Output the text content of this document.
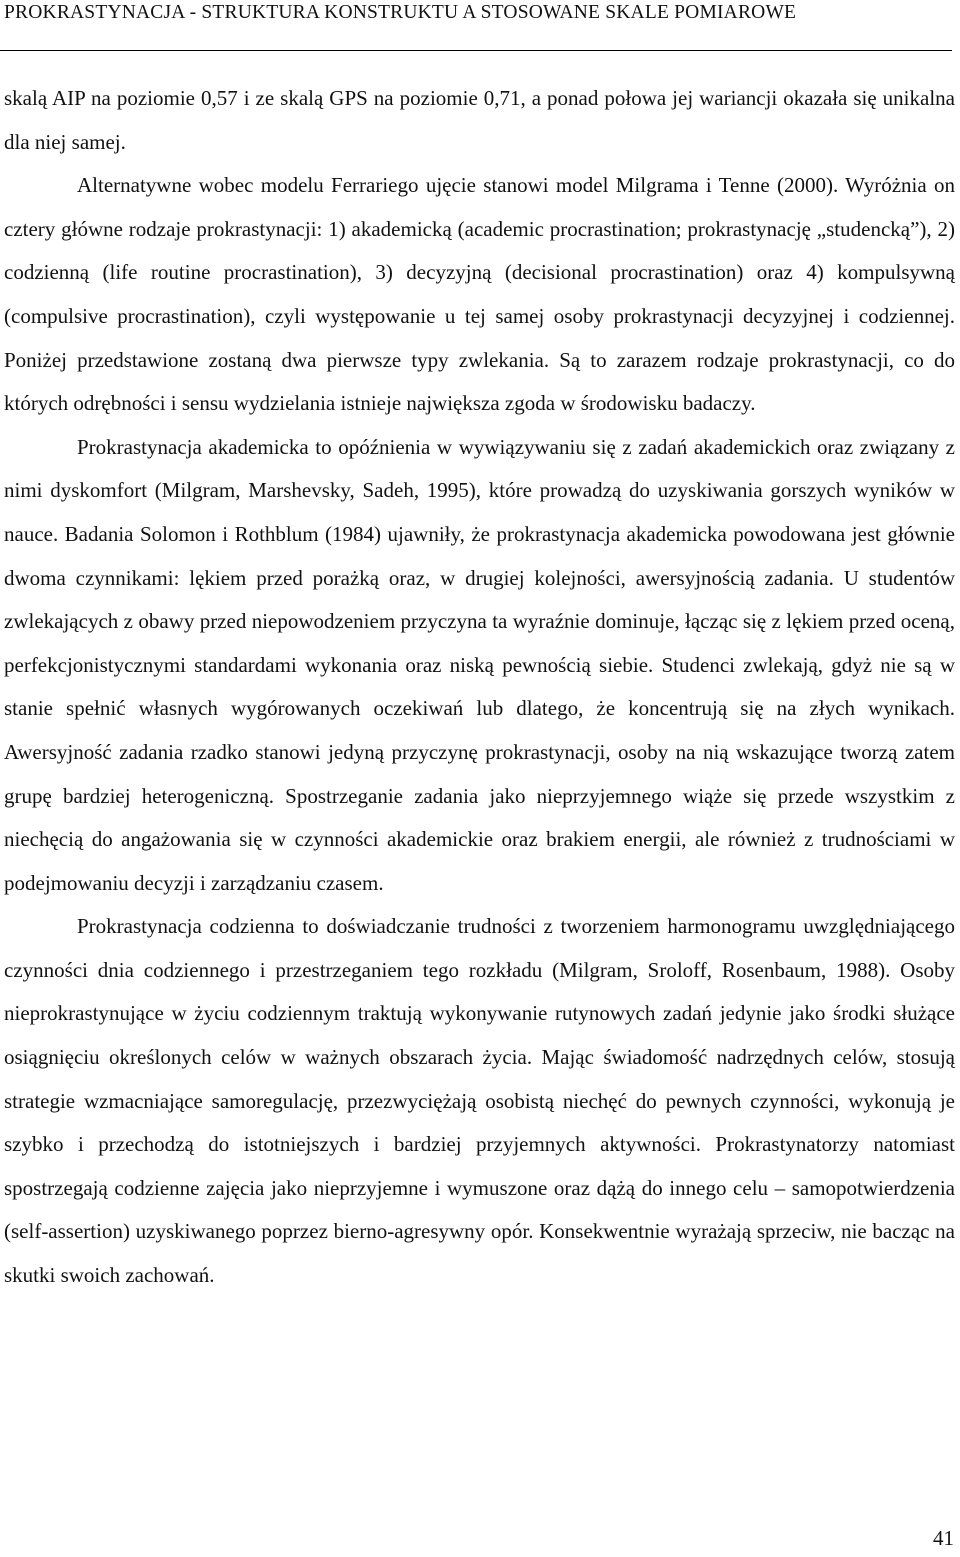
PROKRASTYNACJA - STRUKTURA KONSTRUKTU A STOSOWANE SKALE POMIAROWE

skalą AIP na poziomie 0,57 i ze skalą GPS na poziomie 0,71, a ponad połowa jej wariancji okazała się unikalna dla niej samej.

Alternatywne wobec modelu Ferrariego ujęcie stanowi model Milgrama i Tenne (2000). Wyróżnia on cztery główne rodzaje prokrastynacji: 1) akademicką (academic procrastination; prokrastynację „studencką”), 2) codzienną (life routine procrastination), 3) decyzyjną (decisional procrastination) oraz 4) kompulsywną (compulsive procrastination), czyli występowanie u tej samej osoby prokrastynacji decyzyjnej i codziennej. Poniżej przedstawione zostaną dwa pierwsze typy zwlekania. Są to zarazem rodzaje prokrastynacji, co do których odrębności i sensu wydzielania istnieje największa zgoda w środowisku badaczy.

Prokrastynacja akademicka to opóźnienia w wywiązywaniu się z zadań akademickich oraz związany z nimi dyskomfort (Milgram, Marshevsky, Sadeh, 1995), które prowadzą do uzyskiwania gorszych wyników w nauce. Badania Solomon i Rothblum (1984) ujawniły, że prokrastynacja akademicka powodowana jest głównie dwoma czynnikami: lękiem przed porażką oraz, w drugiej kolejności, awersyjnością zadania. U studentów zwlekających z obawy przed niepowodzeniem przyczyna ta wyraźnie dominuje, łącząc się z lękiem przed oceną, perfekcjonistycznymi standardami wykonania oraz niską pewnością siebie. Studenci zwlekają, gdyż nie są w stanie spełnić własnych wygórowanych oczekiwań lub dlatego, że koncentrują się na złych wynikach. Awersyjność zadania rzadko stanowi jedyną przyczynę prokrastynacji, osoby na nią wskazujące tworzą zatem grupę bardziej heterogeniczną. Spostrzeganie zadania jako nieprzyjemnego wiąże się przede wszystkim z niechęcią do angażowania się w czynności akademickie oraz brakiem energii, ale również z trudnościami w podejmowaniu decyzji i zarządzaniu czasem.

Prokrastynacja codzienna to doświadczanie trudności z tworzeniem harmonogramu uwzględniającego czynności dnia codziennego i przestrzeganiem tego rozkładu (Milgram, Sroloff, Rosenbaum, 1988). Osoby nieprokrastynujące w życiu codziennym traktują wykonywanie rutynowych zadań jedynie jako środki służące osiągnięciu określonych celów w ważnych obszarach życia. Mając świadomość nadrzędnych celów, stosują strategie wzmacniające samoregulację, przezwyciężają osobistą niechęć do pewnych czynności, wykonują je szybko i przechodzą do istotniejszych i bardziej przyjemnych aktywności. Prokrastynatorzy natomiast spostrzegają codzienne zajęcia jako nieprzyjemne i wymuszone oraz dążą do innego celu – samopotwierdzenia (self-assertion) uzyskiwanego poprzez bierno-agresywny opór. Konsekwentnie wyrażają sprzeciw, nie bacząc na skutki swoich zachowań.

41
